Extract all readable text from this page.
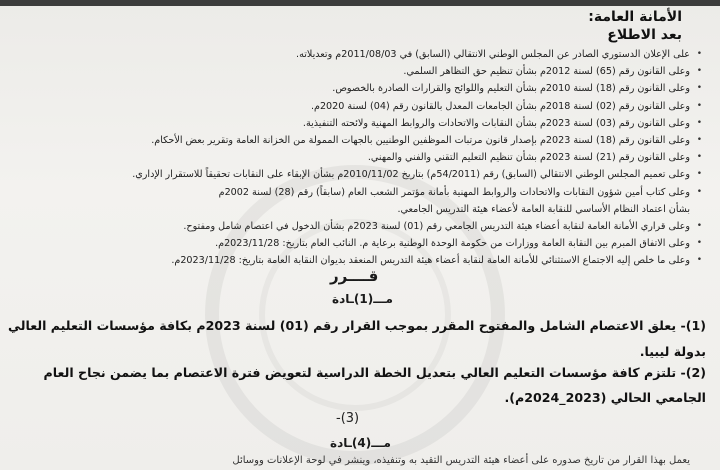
الأمانة العامة:
بعد الاطلاع
•
على الإعلان الدستوري الصادر عن المجلس الوطني الانتقالي (السابق) في 2011/08/03م وتعديلاته.
•
وعلى القانون رقم (65) لسنة 2012م بشأن تنظيم حق التظاهر السلمي.
•
وعلى القانون رقم (18) لسنة 2010م بشأن التعليم واللوائح والقرارات الصادرة بالخصوص.
•
وعلى القانون رقم (02) لسنة 2018م بشأن الجامعات المعدل بالقانون رقم (04) لسنة 2020م.
•
وعلى القانون رقم (03) لسنة 2023م بشأن النقابات والاتحادات والروابط المهنية ولائحته التنفيذية.
•
وعلى القانون رقم (18) لسنة 2023م بإصدار قانون مرتبات الموظفين الوطنيين بالجهات الممولة من الخزانة العامة وتقرير بعض الأحكام.
•
وعلى القانون رقم (21) لسنة 2023م بشأن تنظيم التعليم التقني والفني والمهني.
•
وعلى تعميم المجلس الوطني الانتقالي (السابق) رقم (54/2011م) بتاريخ 2010/11/02م بشأن الإبقاء على النقابات تحقيقاً للاستقرار الإداري.
•
وعلى كتاب أمين شؤون النقابات والاتحادات والروابط المهنية بأمانة مؤتمر الشعب العام (سابقاً) رقم (28) لسنة 2002م
بشأن اعتماد النظام الأساسي للنقابة العامة لأعضاء هيئة التدريس الجامعي.
•
وعلى قراري الأمانة العامة لنقابة أعضاء هيئة التدريس الجامعي رقم (01) لسنة 2023م بشأن الدخول في اعتصام شامل ومفتوح.
•
وعلى الاتفاق المبرم بين النقابة العامة ووزارات من حكومة الوحدة الوطنية برعاية م. النائب العام بتاريخ: 2023/11/28م.
•
وعلى ما خلص إليه الاجتماع الاستثنائي للأمانة العامة لنقابة أعضاء هيئة التدريس المنعقد بديوان النقابة العامة بتاريخ: 2023/11/28م.
قــــرر
مـــ(1)ـادة
(1)- يعلق الاعتصام الشامل والمفتوح المقرر بموجب القرار رقم (01) لسنة 2023م بكافة مؤسسات التعليم العالي
بدولة ليبيا.
(2)- تلتزم كافة مؤسسات التعليم العالي بتعديل الخطة الدراسية لتعويض فترة الاعتصام بما يضمن نجاح العام
الجامعي الحالي (2023_2024م).
(3)-
مـــ(4)ـادة
يعمل بهذا القرار من تاريخ صدوره على أعضاء هيئة التدريس التقيد به وتنفيذه، وينشر في لوحة الإعلانات ووسائل
